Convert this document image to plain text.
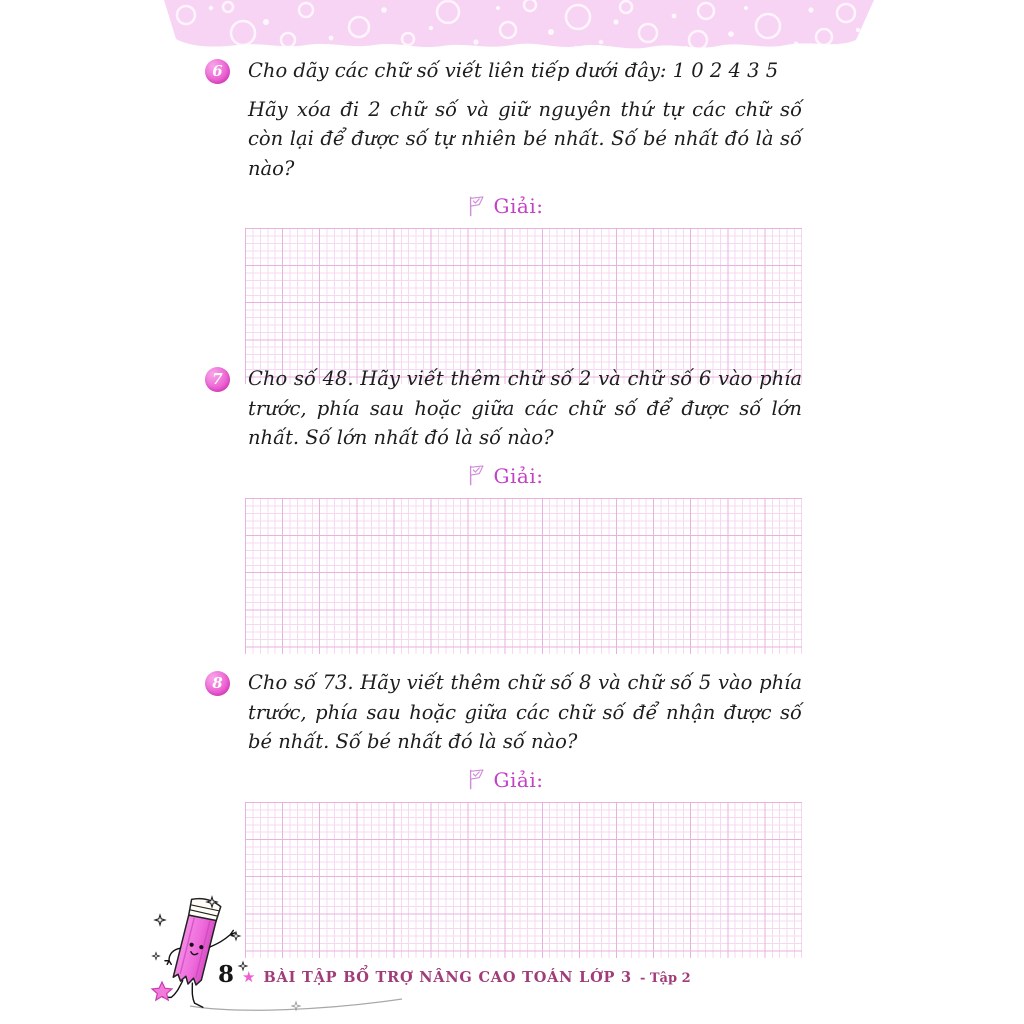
6	Cho dãy các chữ số viết liên tiếp dưới đây: 1 0 2 4 3 5

Hãy xóa đi 2 chữ số và giữ nguyên thứ tự các chữ số còn lại để được số tự nhiên bé nhất. Số bé nhất đó là số nào?

Giải:
7	Cho số 48. Hãy viết thêm chữ số 2 và chữ số 6 vào phía trước, phía sau hoặc giữa các chữ số để được số lớn nhất. Số lớn nhất đó là số nào?

Giải:
8	Cho số 73. Hãy viết thêm chữ số 8 và chữ số 5 vào phía trước, phía sau hoặc giữa các chữ số để nhận được số bé nhất. Số bé nhất đó là số nào?

Giải:
8 ★ BÀI TẬP BỔ TRỢ NÂNG CAO TOÁN LỚP 3 - Tập 2
